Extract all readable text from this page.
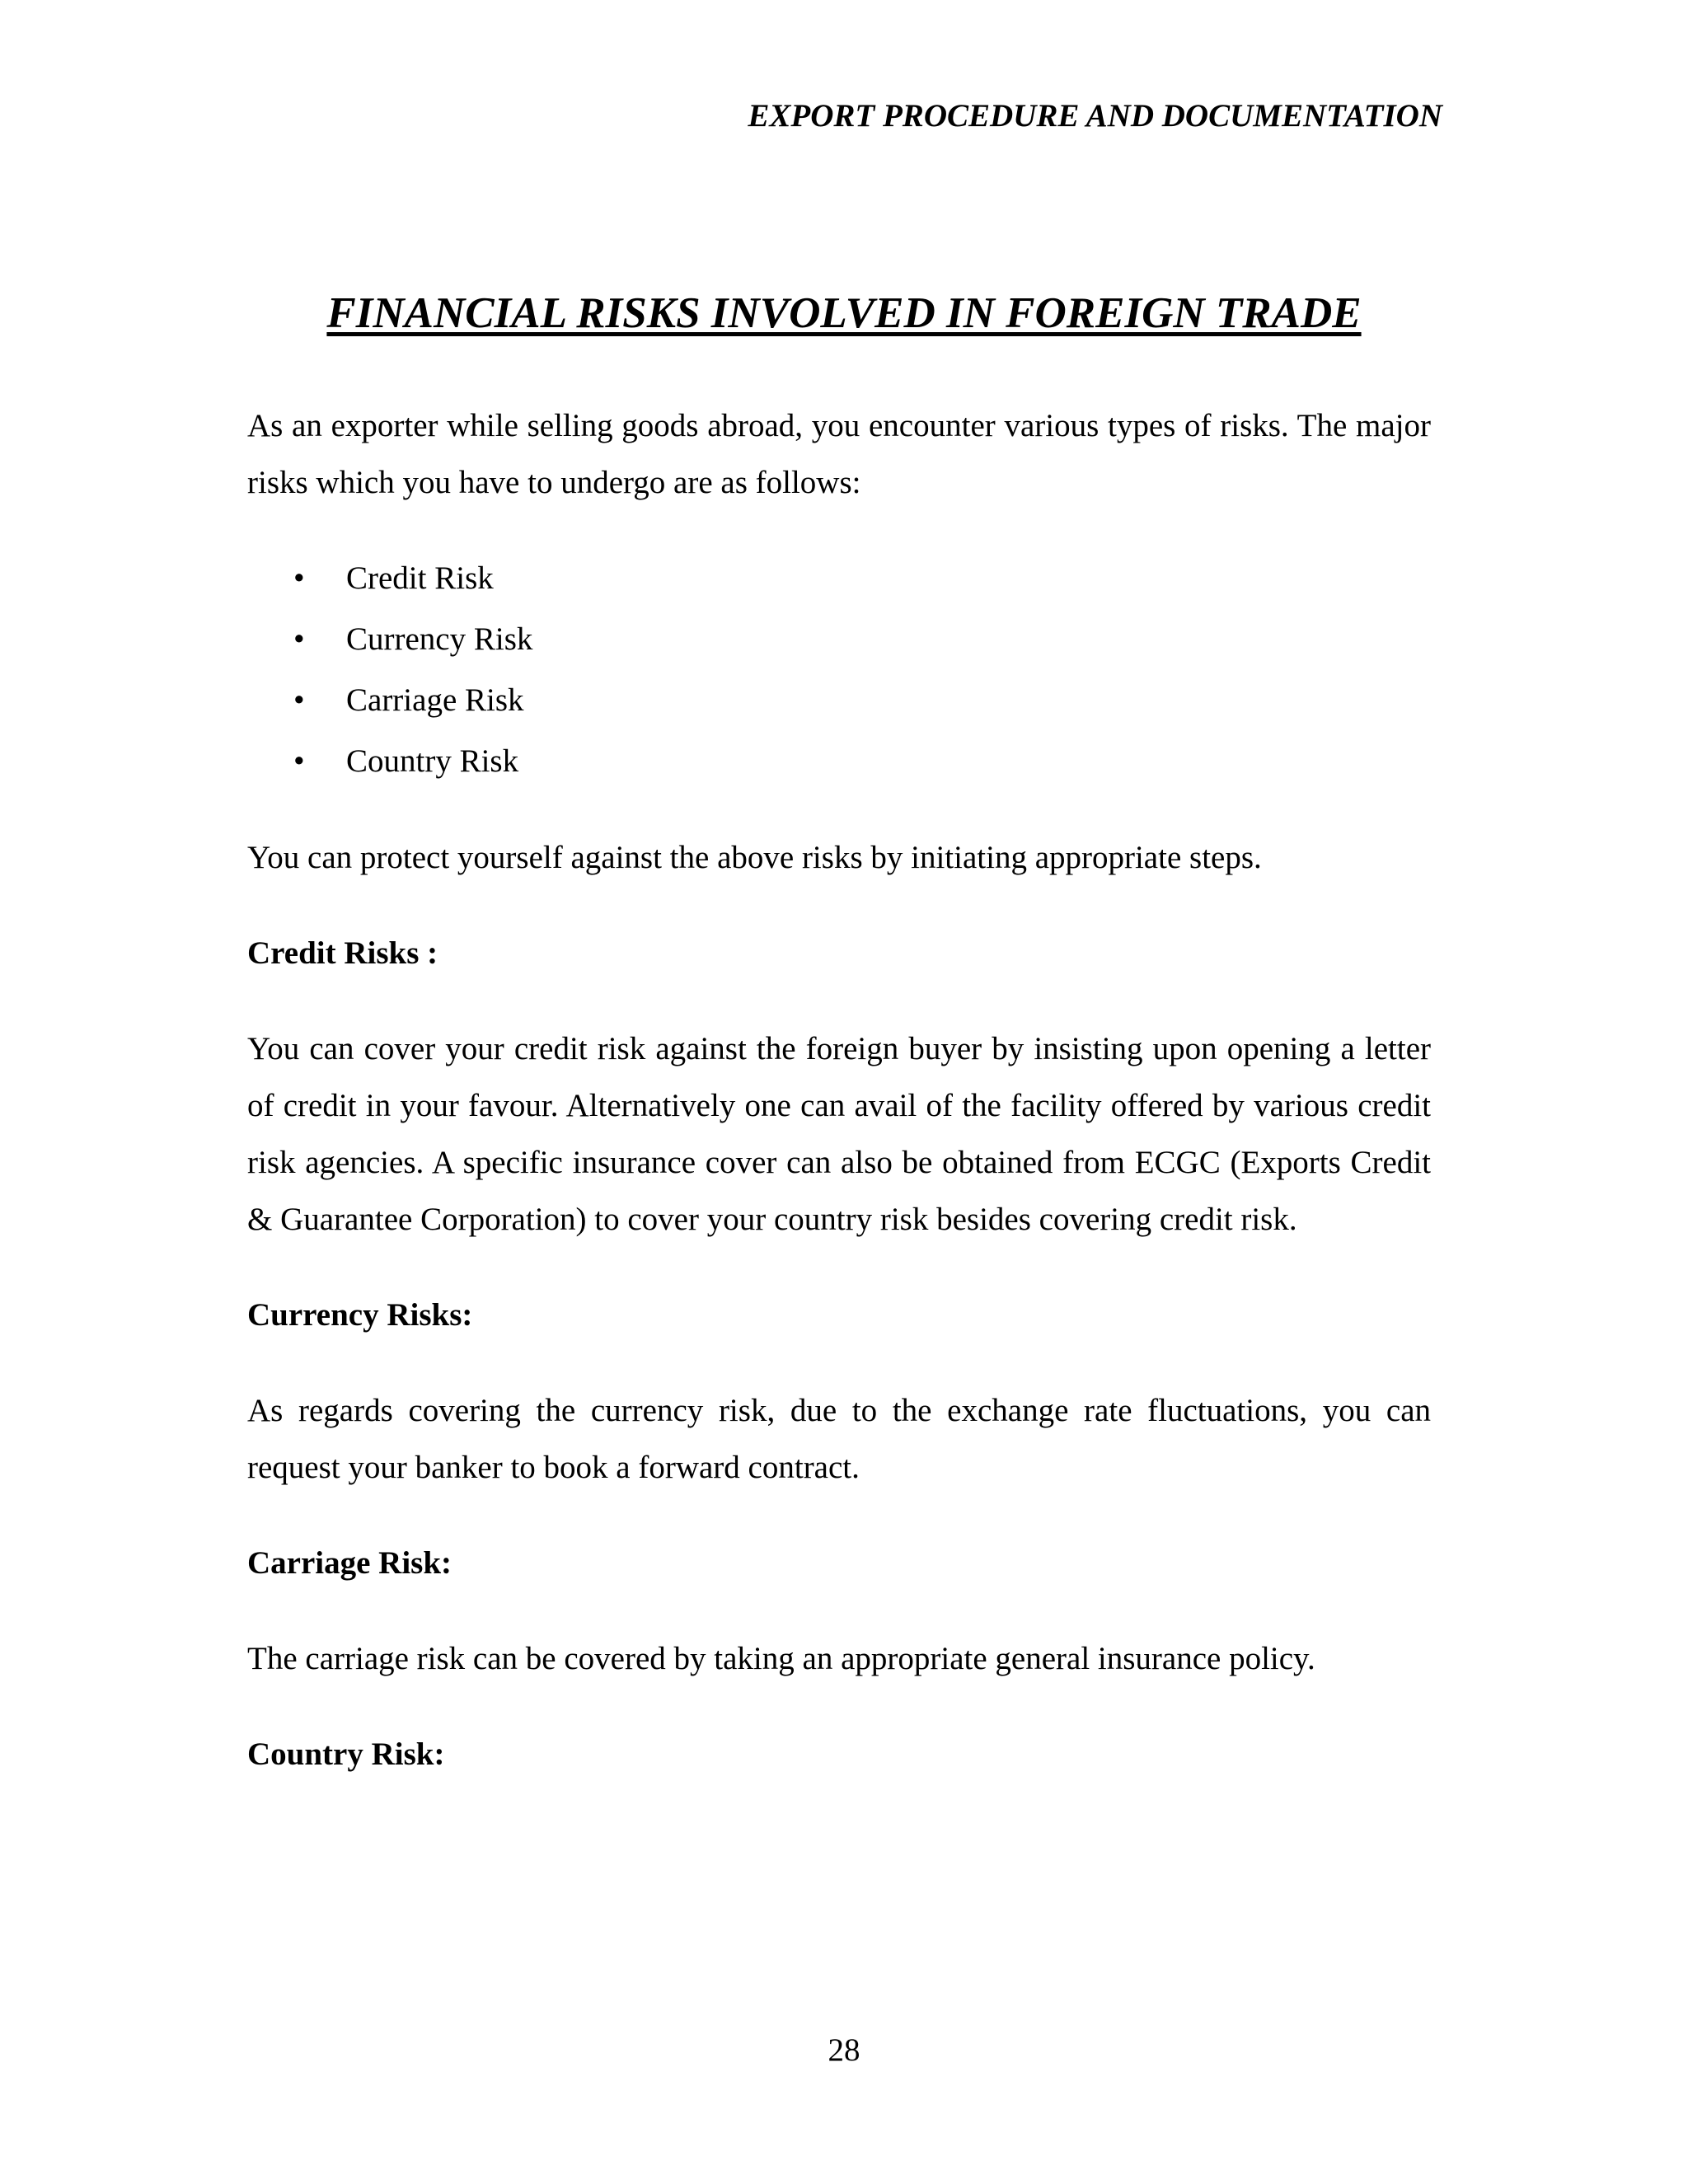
EXPORT PROCEDURE AND DOCUMENTATION

FINANCIAL RISKS INVOLVED IN FOREIGN TRADE

As an exporter while selling goods abroad, you encounter various types of risks. The major risks which you have to undergo are as follows:

• Credit Risk
• Currency Risk
• Carriage Risk
• Country Risk

You can protect yourself against the above risks by initiating appropriate steps.

Credit Risks :

You can cover your credit risk against the foreign buyer by insisting upon opening a letter of credit in your favour. Alternatively one can avail of the facility offered by various credit risk agencies. A specific insurance cover can also be obtained from ECGC (Exports Credit & Guarantee Corporation) to cover your country risk besides covering credit risk.

Currency Risks:

As regards covering the currency risk, due to the exchange rate fluctuations, you can request your banker to book a forward contract.

Carriage Risk:

The carriage risk can be covered by taking an appropriate general insurance policy.

Country Risk:

28
